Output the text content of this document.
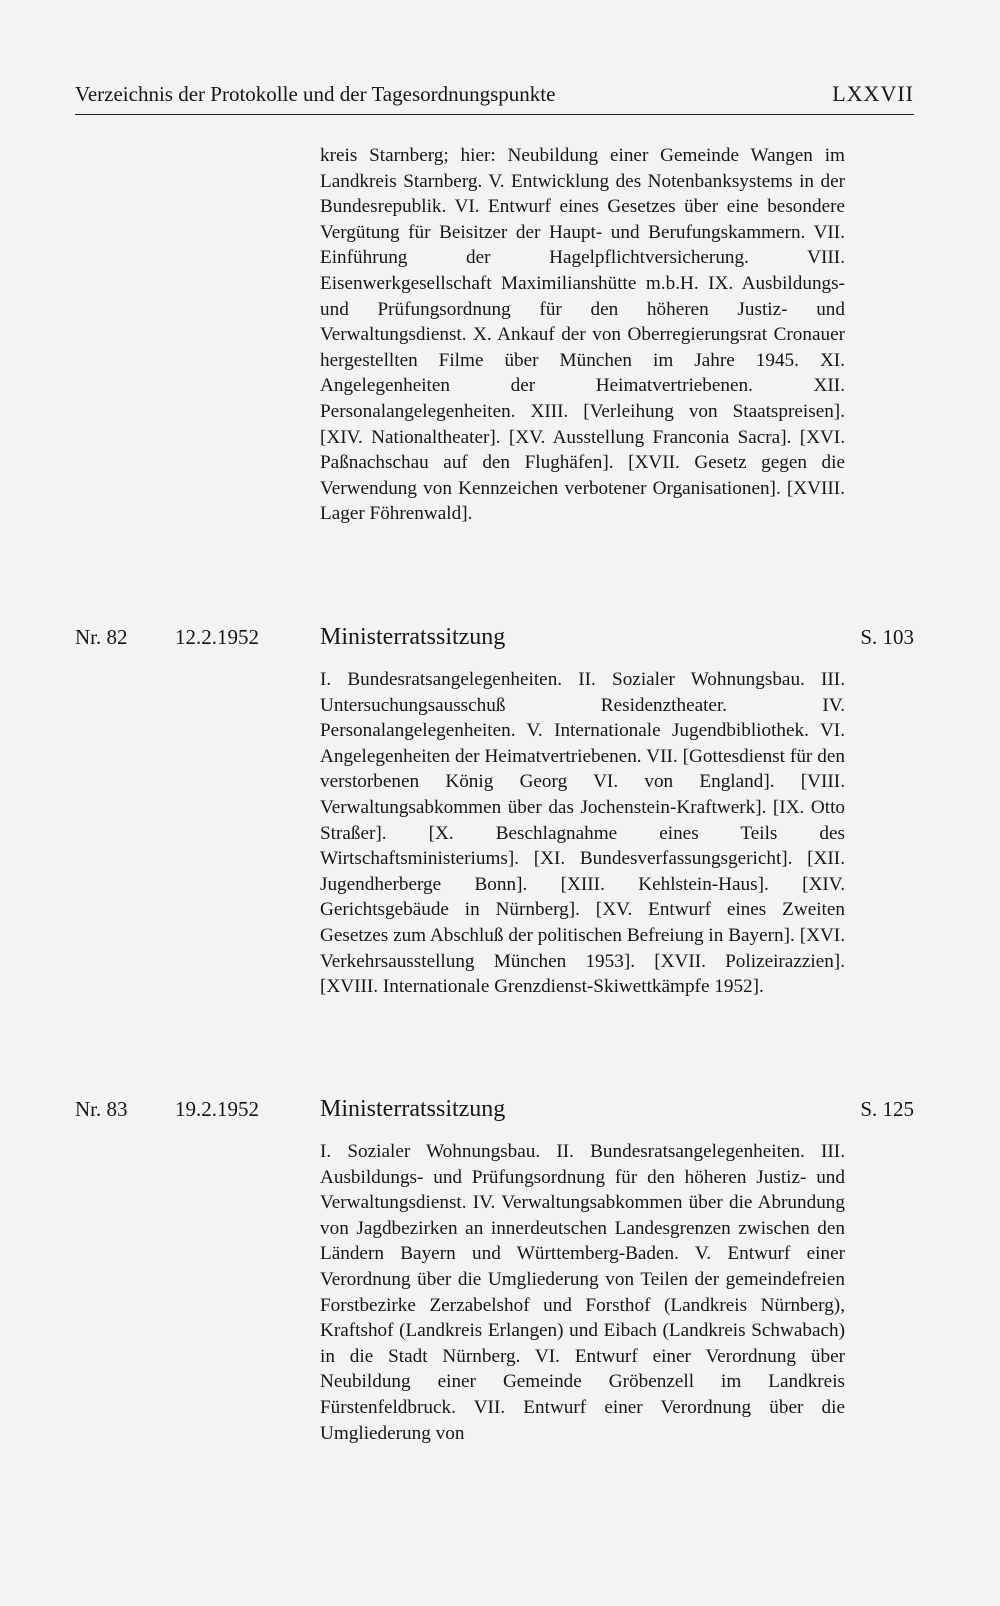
Verzeichnis der Protokolle und der Tagesordnungspunkte	LXXVII
kreis Starnberg; hier: Neubildung einer Gemeinde Wangen im Landkreis Starnberg. V. Entwicklung des Notenbanksystems in der Bundesrepublik. VI. Entwurf eines Gesetzes über eine besondere Vergütung für Beisitzer der Haupt- und Berufungskammern. VII. Einführung der Hagelpflichtversicherung. VIII. Eisenwerkgesellschaft Maximilianshütte m.b.H. IX. Ausbildungs- und Prüfungsordnung für den höheren Justiz- und Verwaltungsdienst. X. Ankauf der von Oberregierungsrat Cronauer hergestellten Filme über München im Jahre 1945. XI. Angelegenheiten der Heimatvertriebenen. XII. Personalangelegenheiten. XIII. [Verleihung von Staatspreisen]. [XIV. Nationaltheater]. [XV. Ausstellung Franconia Sacra]. [XVI. Paßnachschau auf den Flughäfen]. [XVII. Gesetz gegen die Verwendung von Kennzeichen verbotener Organisationen]. [XVIII. Lager Föhrenwald].
Nr. 82 12.2.1952	Ministerratssitzung	S. 103
I. Bundesratsangelegenheiten. II. Sozialer Wohnungsbau. III. Untersuchungsausschuß Residenztheater. IV. Personalangelegenheiten. V. Internationale Jugendbibliothek. VI. Angelegenheiten der Heimatvertriebenen. VII. [Gottesdienst für den verstorbenen König Georg VI. von England]. [VIII. Verwaltungsabkommen über das Jochenstein-Kraftwerk]. [IX. Otto Straßer]. [X. Beschlagnahme eines Teils des Wirtschaftsministeriums]. [XI. Bundesverfassungsgericht]. [XII. Jugendherberge Bonn]. [XIII. Kehlstein-Haus]. [XIV. Gerichtsgebäude in Nürnberg]. [XV. Entwurf eines Zweiten Gesetzes zum Abschluß der politischen Befreiung in Bayern]. [XVI. Verkehrsausstellung München 1953]. [XVII. Polizeirazzien]. [XVIII. Internationale Grenzdienst-Skiwettkämpfe 1952].
Nr. 83 19.2.1952	Ministerratssitzung	S. 125
I. Sozialer Wohnungsbau. II. Bundesratsangelegenheiten. III. Ausbildungs- und Prüfungsordnung für den höheren Justiz- und Verwaltungsdienst. IV. Verwaltungsabkommen über die Abrundung von Jagdbezirken an innerdeutschen Landesgrenzen zwischen den Ländern Bayern und Württemberg-Baden. V. Entwurf einer Verordnung über die Umgliederung von Teilen der gemeindefreien Forstbezirke Zerzabelshof und Forsthof (Landkreis Nürnberg), Kraftshof (Landkreis Erlangen) und Eibach (Landkreis Schwabach) in die Stadt Nürnberg. VI. Entwurf einer Verordnung über Neubildung einer Gemeinde Gröbenzell im Landkreis Fürstenfeldbruck. VII. Entwurf einer Verordnung über die Umgliederung von
